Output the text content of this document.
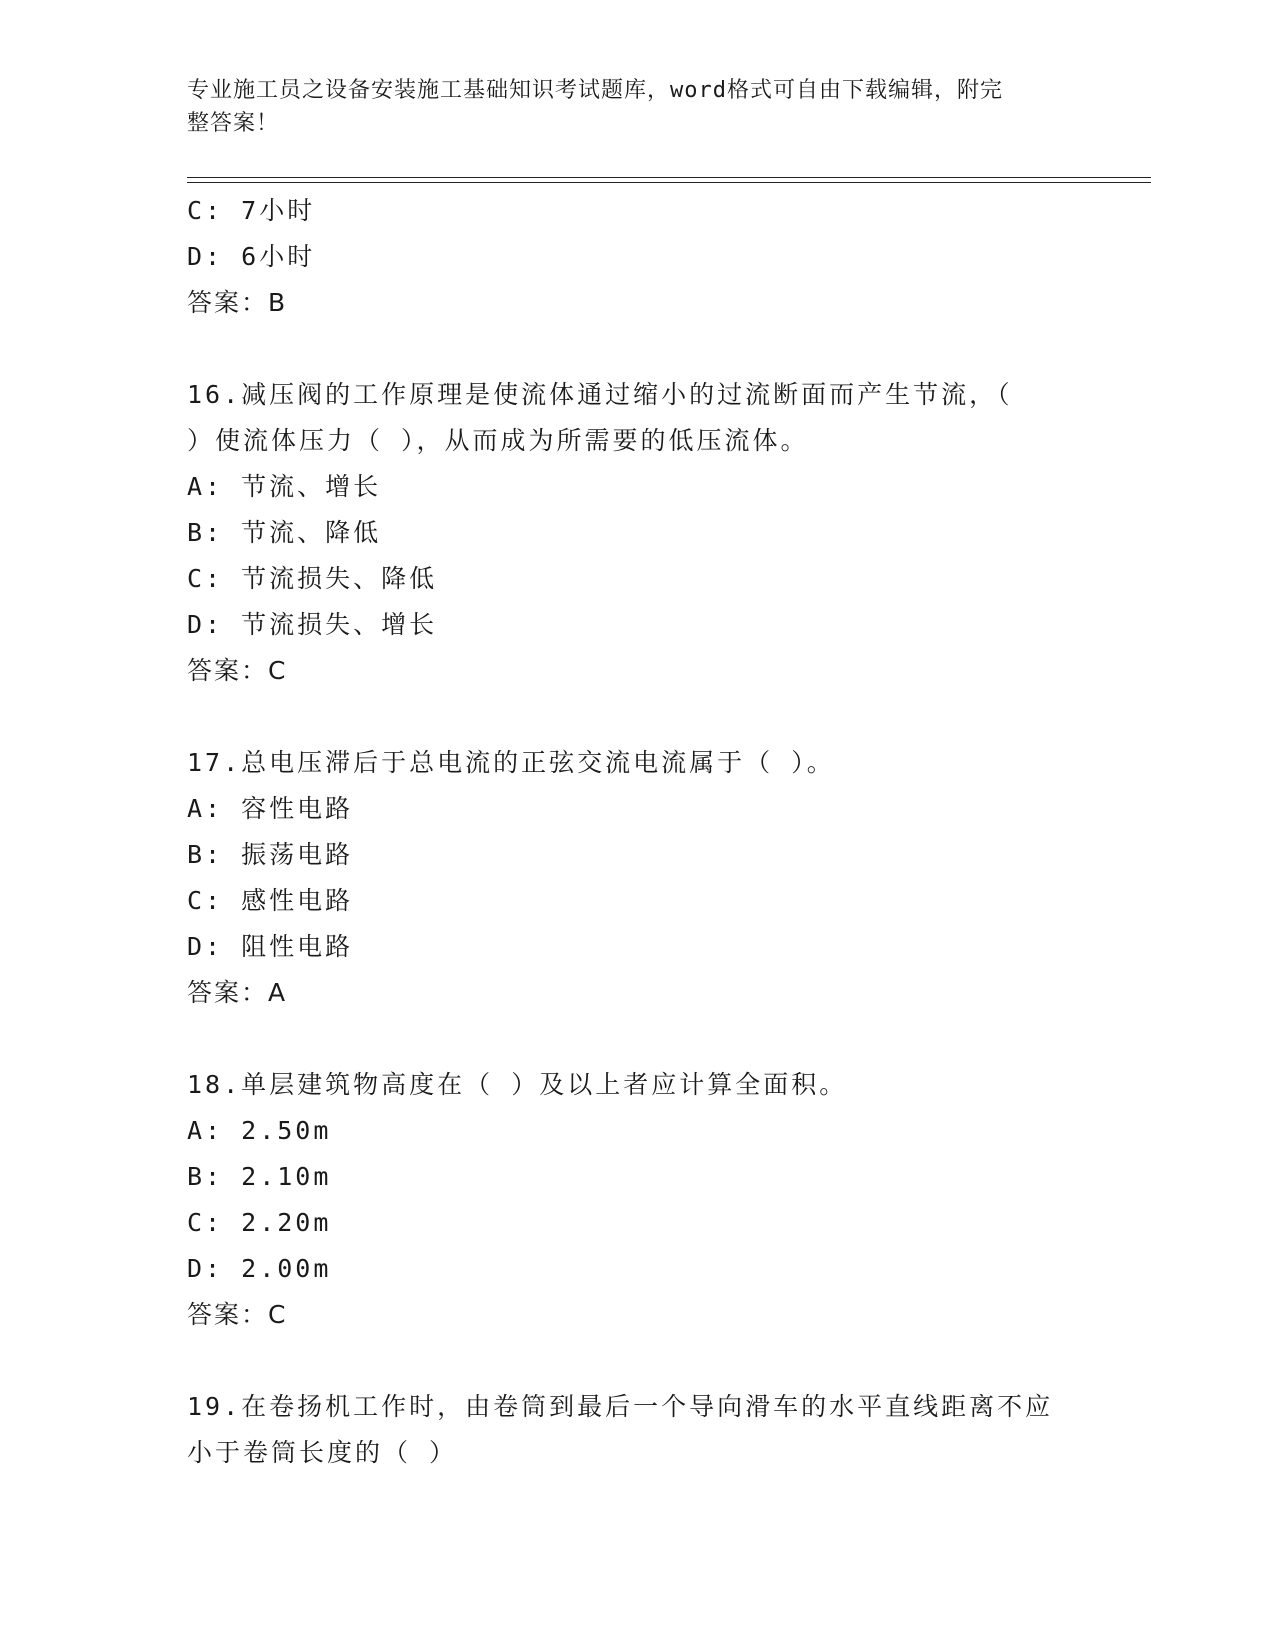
专业施工员之设备安装施工基础知识考试题库，word格式可自由下载编辑，附完
整答案！
C: 7小时
D: 6小时
答案：B
16.减压阀的工作原理是使流体通过缩小的过流断面而产生节流，（
）使流体压力（ ），从而成为所需要的低压流体。
A: 节流、增长
B: 节流、降低
C: 节流损失、降低
D: 节流损失、增长
答案：C
17.总电压滞后于总电流的正弦交流电流属于（ ）。
A: 容性电路
B: 振荡电路
C: 感性电路
D: 阻性电路
答案：A
18.单层建筑物高度在（ ）及以上者应计算全面积。
A: 2.50m
B: 2.10m
C: 2.20m
D: 2.00m
答案：C
19.在卷扬机工作时，由卷筒到最后一个导向滑车的水平直线距离不应
小于卷筒长度的（ ）
